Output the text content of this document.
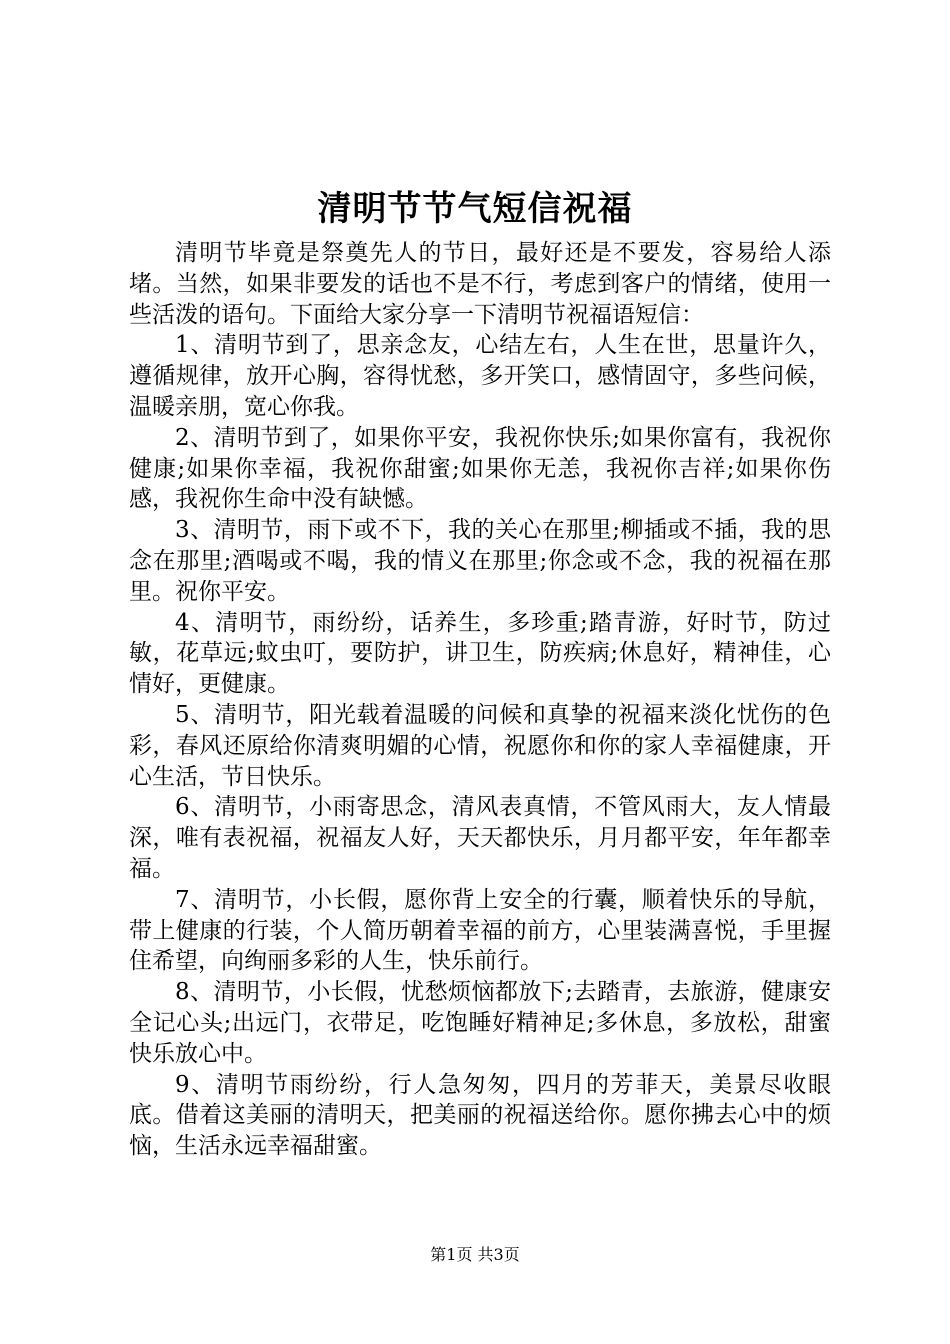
清明节节气短信祝福

清明节毕竟是祭奠先人的节日，最好还是不要发，容易给人添堵。当然，如果非要发的话也不是不行，考虑到客户的情绪，使用一些活泼的语句。下面给大家分享一下清明节祝福语短信：

1、清明节到了，思亲念友，心结左右，人生在世，思量许久，遵循规律，放开心胸，容得忧愁，多开笑口，感情固守，多些问候，温暖亲朋，宽心你我。

2、清明节到了，如果你平安，我祝你快乐;如果你富有，我祝你健康;如果你幸福，我祝你甜蜜;如果你无恙，我祝你吉祥;如果你伤感，我祝你生命中没有缺憾。

3、清明节，雨下或不下，我的关心在那里;柳插或不插，我的思念在那里;酒喝或不喝，我的情义在那里;你念或不念，我的祝福在那里。祝你平安。

4、清明节，雨纷纷，话养生，多珍重;踏青游，好时节，防过敏，花草远;蚊虫叮，要防护，讲卫生，防疾病;休息好，精神佳，心情好，更健康。

5、清明节，阳光载着温暖的问候和真挚的祝福来淡化忧伤的色彩，春风还原给你清爽明媚的心情，祝愿你和你的家人幸福健康，开心生活，节日快乐。

6、清明节，小雨寄思念，清风表真情，不管风雨大，友人情最深，唯有表祝福，祝福友人好，天天都快乐，月月都平安，年年都幸福。

7、清明节，小长假，愿你背上安全的行囊，顺着快乐的导航，带上健康的行装，个人简历朝着幸福的前方，心里装满喜悦，手里握住希望，向绚丽多彩的人生，快乐前行。

8、清明节，小长假，忧愁烦恼都放下;去踏青，去旅游，健康安全记心头;出远门，衣带足，吃饱睡好精神足;多休息，多放松，甜蜜快乐放心中。

9、清明节雨纷纷，行人急匆匆，四月的芳菲天，美景尽收眼底。借着这美丽的清明天，把美丽的祝福送给你。愿你拂去心中的烦恼，生活永远幸福甜蜜。

第1页 共3页
